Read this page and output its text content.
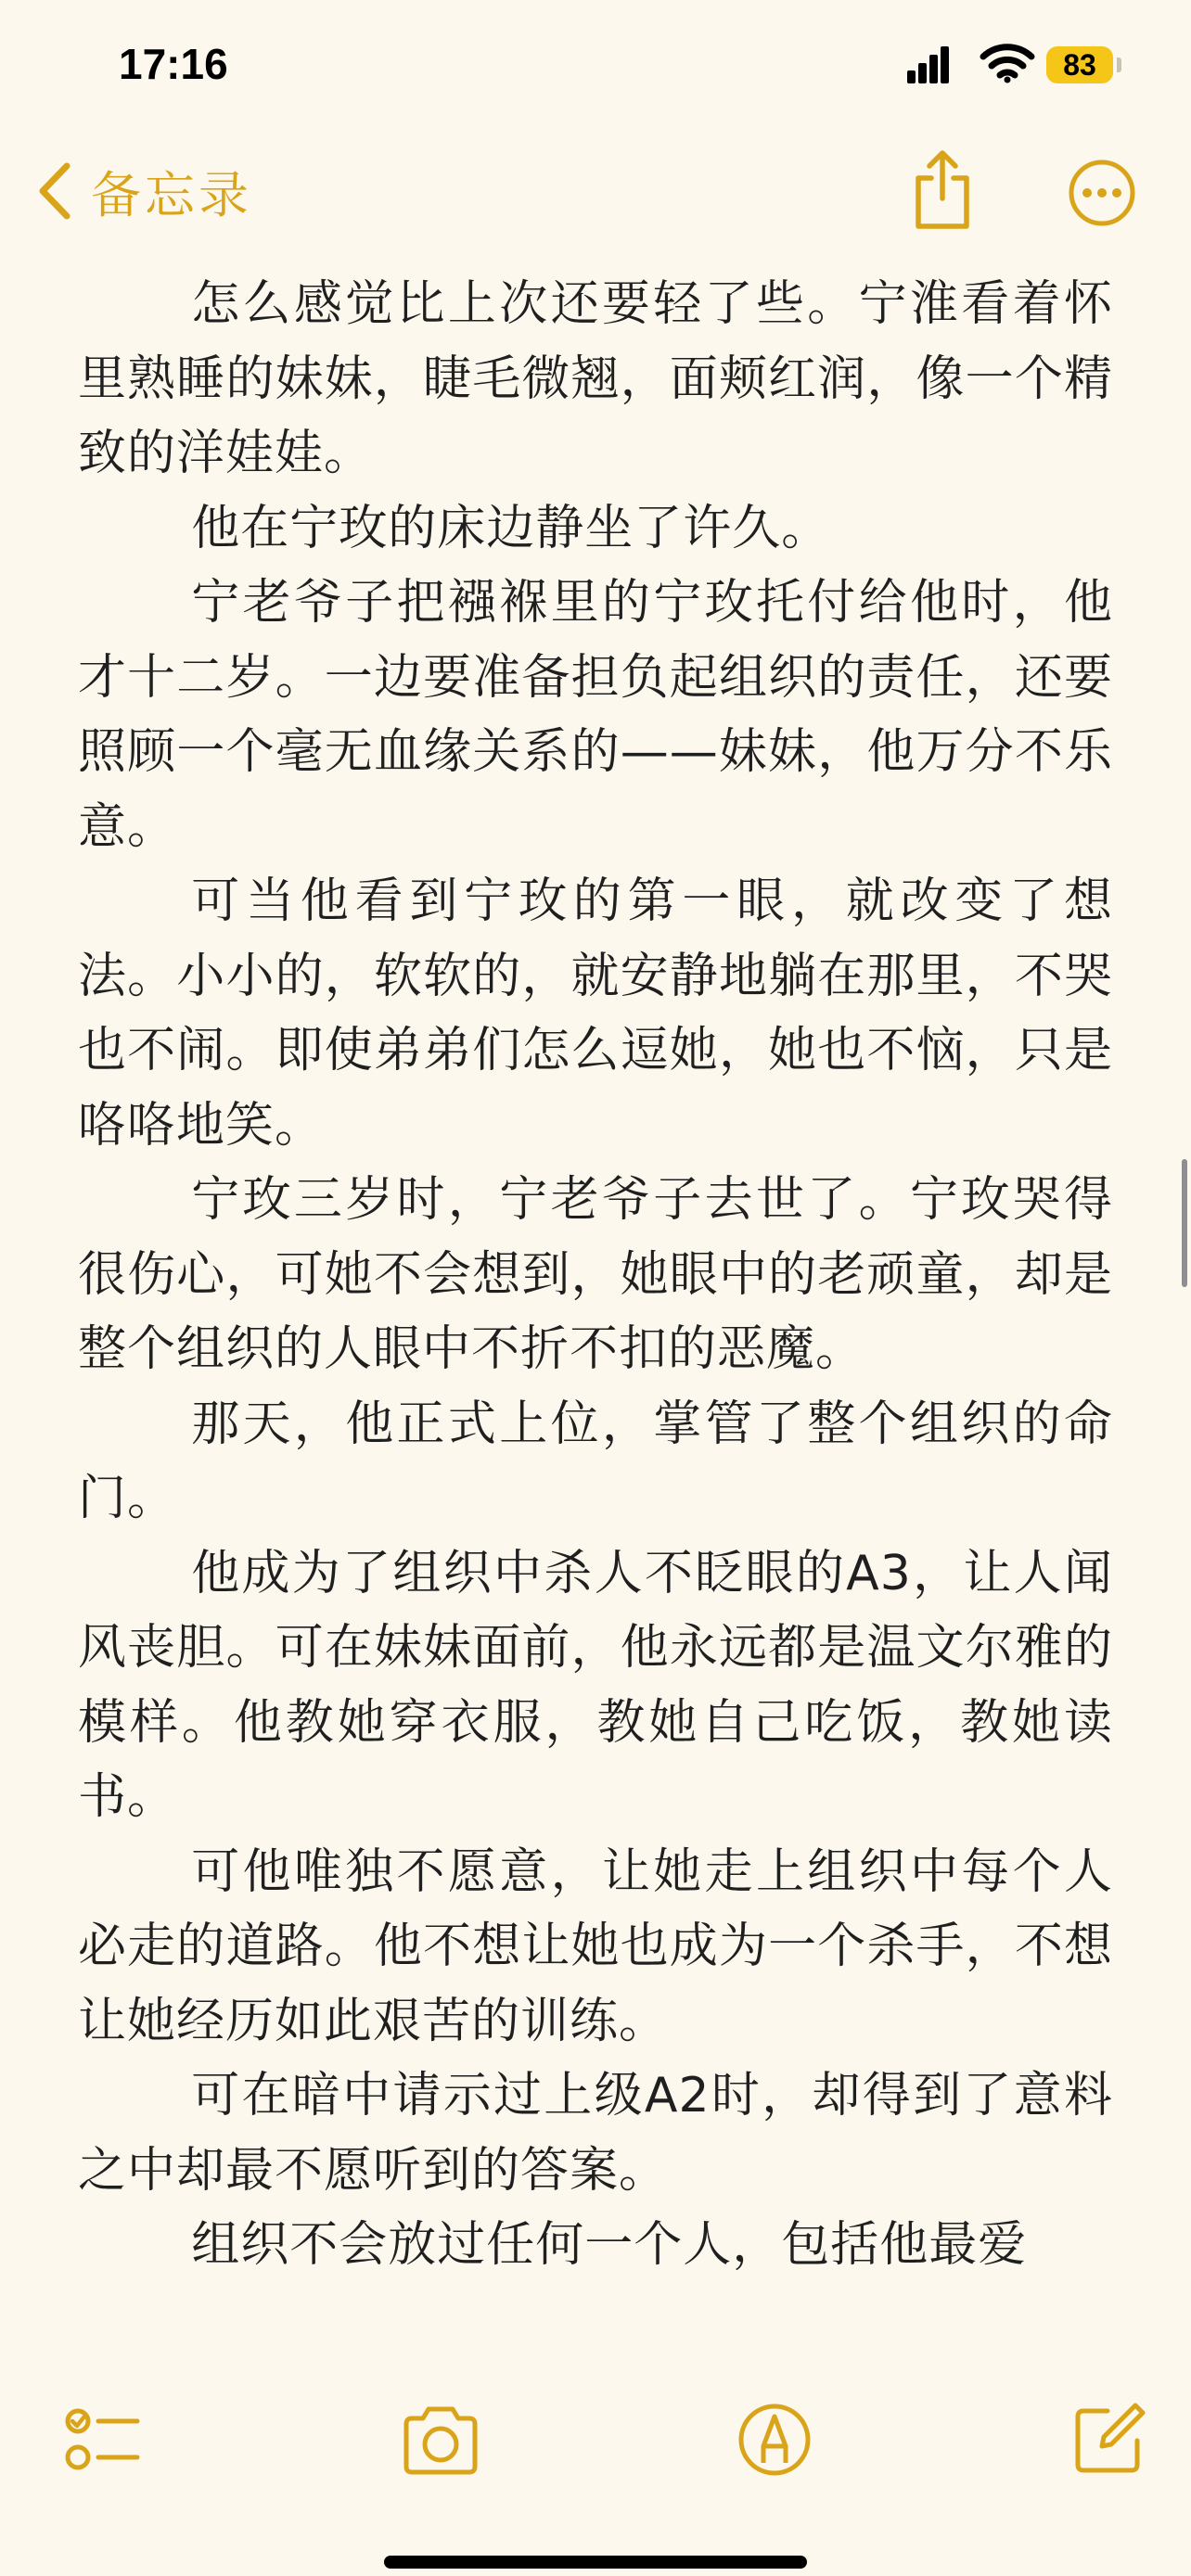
17:16	83
备忘录

怎么感觉比上次还要轻了些。宁淮看着怀里熟睡的妹妹，睫毛微翘，面颊红润，像一个精致的洋娃娃。

他在宁玫的床边静坐了许久。

宁老爷子把襁褓里的宁玫托付给他时，他才十二岁。一边要准备担负起组织的责任，还要照顾一个毫无血缘关系的——妹妹，他万分不乐意。

可当他看到宁玫的第一眼，就改变了想法。小小的，软软的，就安静地躺在那里，不哭也不闹。即使弟弟们怎么逗她，她也不恼，只是咯咯地笑。

宁玫三岁时，宁老爷子去世了。宁玫哭得很伤心，可她不会想到，她眼中的老顽童，却是整个组织的人眼中不折不扣的恶魔。

那天，他正式上位，掌管了整个组织的命门。

他成为了组织中杀人不眨眼的A3，让人闻风丧胆。可在妹妹面前，他永远都是温文尔雅的模样。他教她穿衣服，教她自己吃饭，教她读书。

可他唯独不愿意，让她走上组织中每个人必走的道路。他不想让她也成为一个杀手，不想让她经历如此艰苦的训练。

可在暗中请示过上级A2时，却得到了意料之中却最不愿听到的答案。

组织不会放过任何一个人，包括他最爱
